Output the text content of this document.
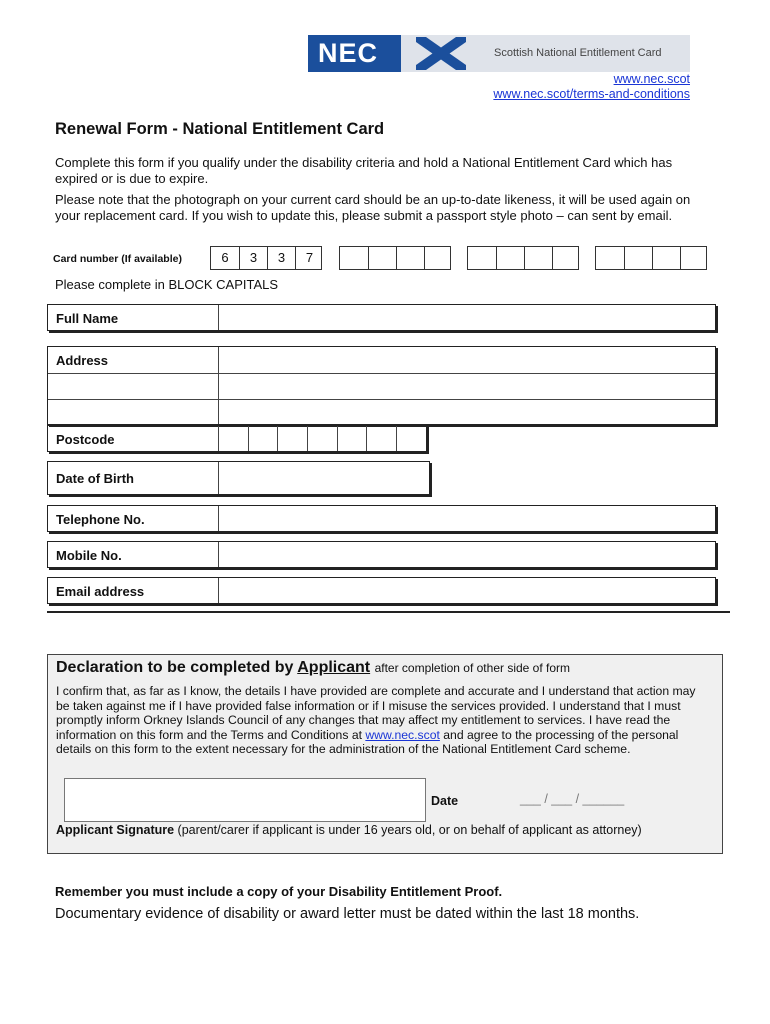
NEC	Scottish National Entitlement Card
www.nec.scot
www.nec.scot/terms-and-conditions
Renewal Form - National Entitlement Card
Complete this form if you qualify under the disability criteria and hold a National Entitlement Card which has expired or is due to expire.
Please note that the photograph on your current card should be an up-to-date likeness, it will be used again on your replacement card. If you wish to update this, please submit a passport style photo – can sent by email.
Card number (If available)	6	3	3	7
Please complete in BLOCK CAPITALS
Full Name
Address
Postcode
Date of Birth
Telephone No.
Mobile No.
Email address
Declaration to be completed by Applicant after completion of other side of form
I confirm that, as far as I know, the details I have provided are complete and accurate and I understand that action may be taken against me if I have provided false information or if I misuse the services provided. I understand that I must promptly inform Orkney Islands Council of any changes that may affect my entitlement to services. I have read the information on this form and the Terms and Conditions at www.nec.scot and agree to the processing of the personal details on this form to the extent necessary for the administration of the National Entitlement Card scheme.
Date	___ / ___ / ______
Applicant Signature (parent/carer if applicant is under 16 years old, or on behalf of applicant as attorney)
Remember you must include a copy of your Disability Entitlement Proof.
Documentary evidence of disability or award letter must be dated within the last 18 months.
